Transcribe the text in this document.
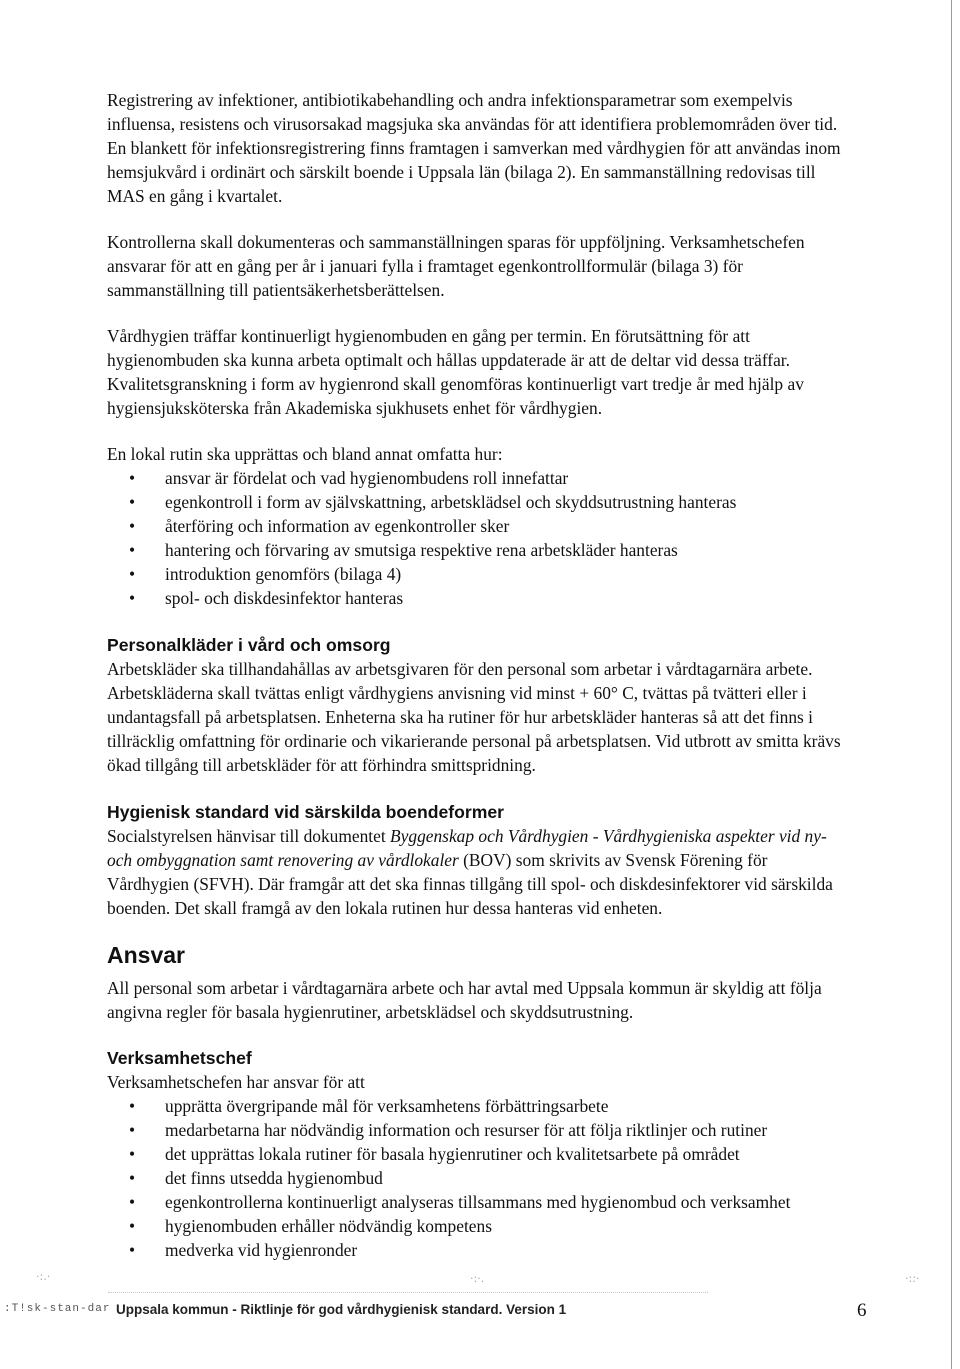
Registrering av infektioner, antibiotikabehandling och andra infektionsparametrar som exempelvis influensa, resistens och virusorsakad magsjuka ska användas för att identifiera problemområden över tid. En blankett för infektionsregistrering finns framtagen i samverkan med vårdhygien för att användas inom hemsjukvård i ordinärt och särskilt boende i Uppsala län (bilaga 2). En sammanställning redovisas till MAS en gång i kvartalet.

Kontrollerna skall dokumenteras och sammanställningen sparas för uppföljning. Verksamhetschefen ansvarar för att en gång per år i januari fylla i framtaget egenkontrollformulär (bilaga 3) för sammanställning till patientsäkerhetsberättelsen.

Vårdhygien träffar kontinuerligt hygienombuden en gång per termin. En förutsättning för att hygienombuden ska kunna arbeta optimalt och hållas uppdaterade är att de deltar vid dessa träffar. Kvalitetsgranskning i form av hygienrond skall genomföras kontinuerligt vart tredje år med hjälp av hygiensjuksköterska från Akademiska sjukhusets enhet för vårdhygien.

En lokal rutin ska upprättas och bland annat omfatta hur:

• ansvar är fördelat och vad hygienombudens roll innefattar
• egenkontroll i form av självskattning, arbetsklädsel och skyddsutrustning hanteras
• återföring och information av egenkontroller sker
• hantering och förvaring av smutsiga respektive rena arbetskläder hanteras
• introduktion genomförs (bilaga 4)
• spol- och diskdesinfektor hanteras
Personalkläder i vård och omsorg

Arbetskläder ska tillhandahållas av arbetsgivaren för den personal som arbetar i vårdtagarnära arbete. Arbetskläderna skall tvättas enligt vårdhygiens anvisning vid minst + 60° C, tvättas på tvätteri eller i undantagsfall på arbetsplatsen. Enheterna ska ha rutiner för hur arbetskläder hanteras så att det finns i tillräcklig omfattning för ordinarie och vikarierande personal på arbetsplatsen. Vid utbrott av smitta krävs ökad tillgång till arbetskläder för att förhindra smittspridning.

Hygienisk standard vid särskilda boendeformer

Socialstyrelsen hänvisar till dokumentet Byggenskap och Vårdhygien - Vårdhygieniska aspekter vid ny- och ombyggnation samt renovering av vårdlokaler (BOV) som skrivits av Svensk Förening för Vårdhygien (SFVH). Där framgår att det ska finnas tillgång till spol- och diskdesinfektorer vid särskilda boenden. Det skall framgå av den lokala rutinen hur dessa hanteras vid enheten.

Ansvar

All personal som arbetar i vårdtagarnära arbete och har avtal med Uppsala kommun är skyldig att följa angivna regler för basala hygienrutiner, arbetsklädsel och skyddsutrustning.

Verksamhetschef

Verksamhetschefen har ansvar för att

• upprätta övergripande mål för verksamhetens förbättringsarbete
• medarbetarna har nödvändig information och resurser för att följa riktlinjer och rutiner
• det upprättas lokala rutiner för basala hygienrutiner och kvalitetsarbete på området
• det finns utsedda hygienombud
• egenkontrollerna kontinuerligt analyseras tillsammans med hygienombud och verksamhet
• hygienombuden erhåller nödvändig kompetens
• medverka vid hygienronder
·:.·	·:·.	·::·
:T!sk‑stan‑dar Uppsala kommun - Riktlinje för god vårdhygienisk standard. Version 1	6
